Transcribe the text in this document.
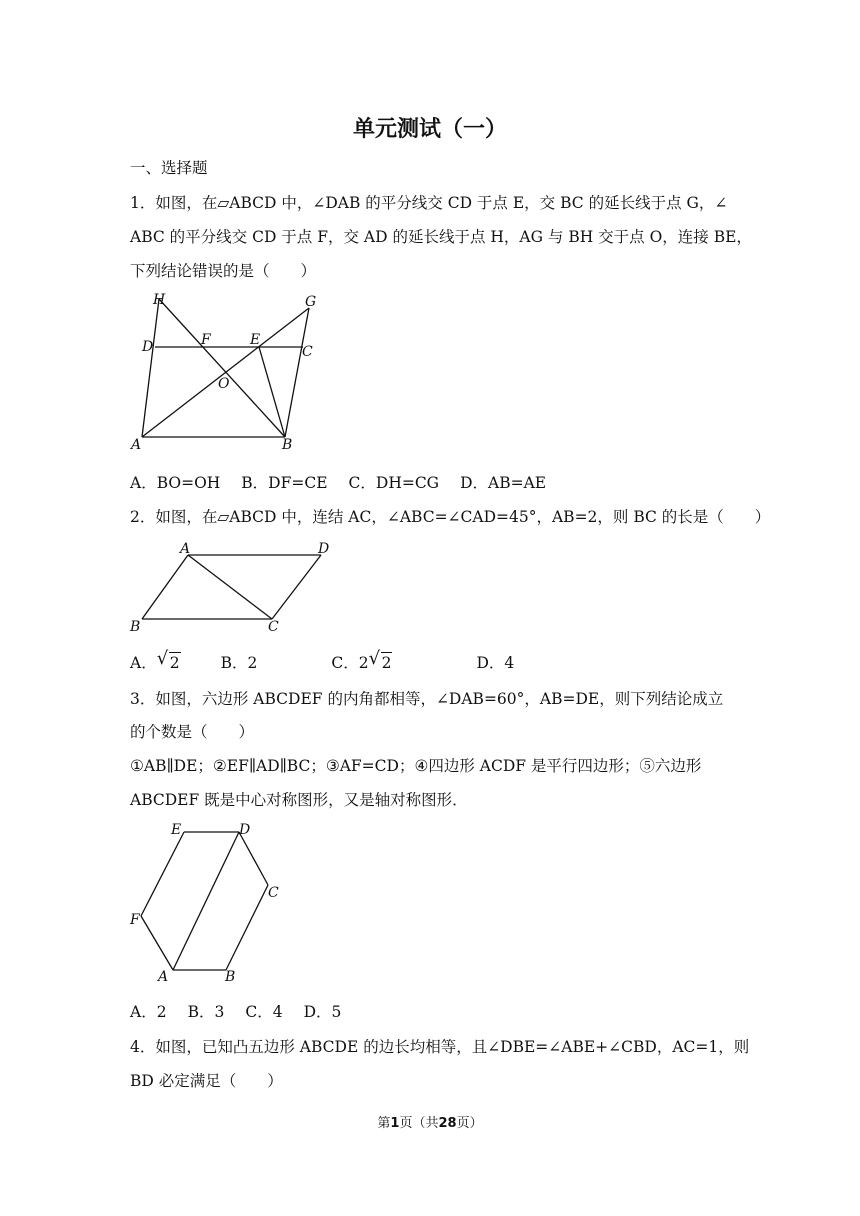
单元测试（一）
一、选择题
1．如图，在▱ABCD 中，∠DAB 的平分线交 CD 于点 E，交 BC 的延长线于点 G，∠
ABC 的平分线交 CD 于点 F，交 AD 的延长线于点 H，AG 与 BH 交于点 O，连接 BE，
下列结论错误的是（　　）
H	G
D	F	E
C
O
A	B
A．BO=OH B．DF=CE C．DH=CG D．AB=AE
2．如图，在▱ABCD 中，连结 AC，∠ABC=∠CAD=45°，AB=2，则 BC 的长是（　　）
A	D
B	C
A． √ 2	B．2	C．2 √ 2	D．4
3．如图，六边形 ABCDEF 的内角都相等，∠DAB=60°，AB=DE，则下列结论成立
的个数是（　　）
①AB∥DE；②EF∥AD∥BC；③AF=CD；④四边形 ACDF 是平行四边形；⑤六边形
ABCDEF 既是中心对称图形，又是轴对称图形．
E	D
C
F
A	B
A．2 B．3 C．4 D．5
4．如图，已知凸五边形 ABCDE 的边长均相等，且∠DBE=∠ABE+∠CBD，AC=1，则
BD 必定满足（　　）
第1页（共28页）
